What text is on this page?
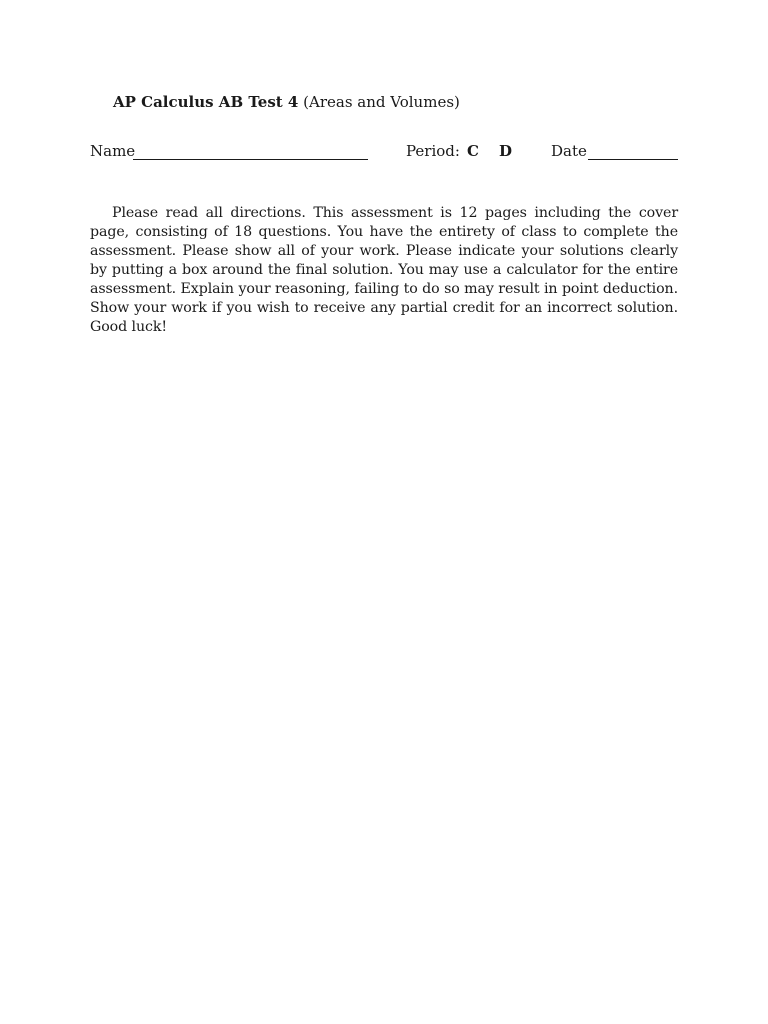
AP Calculus AB Test 4 (Areas and Volumes)
Name	Period: C D	Date

Please read all directions. This assessment is 12 pages including the cover page, consisting of 18 questions. You have the entirety of class to complete the assessment. Please show all of your work. Please indicate your solutions clearly by putting a box around the final solution. You may use a calculator for the entire assessment. Explain your reasoning, failing to do so may result in point deduction. Show your work if you wish to receive any partial credit for an incorrect solution. Good luck!
